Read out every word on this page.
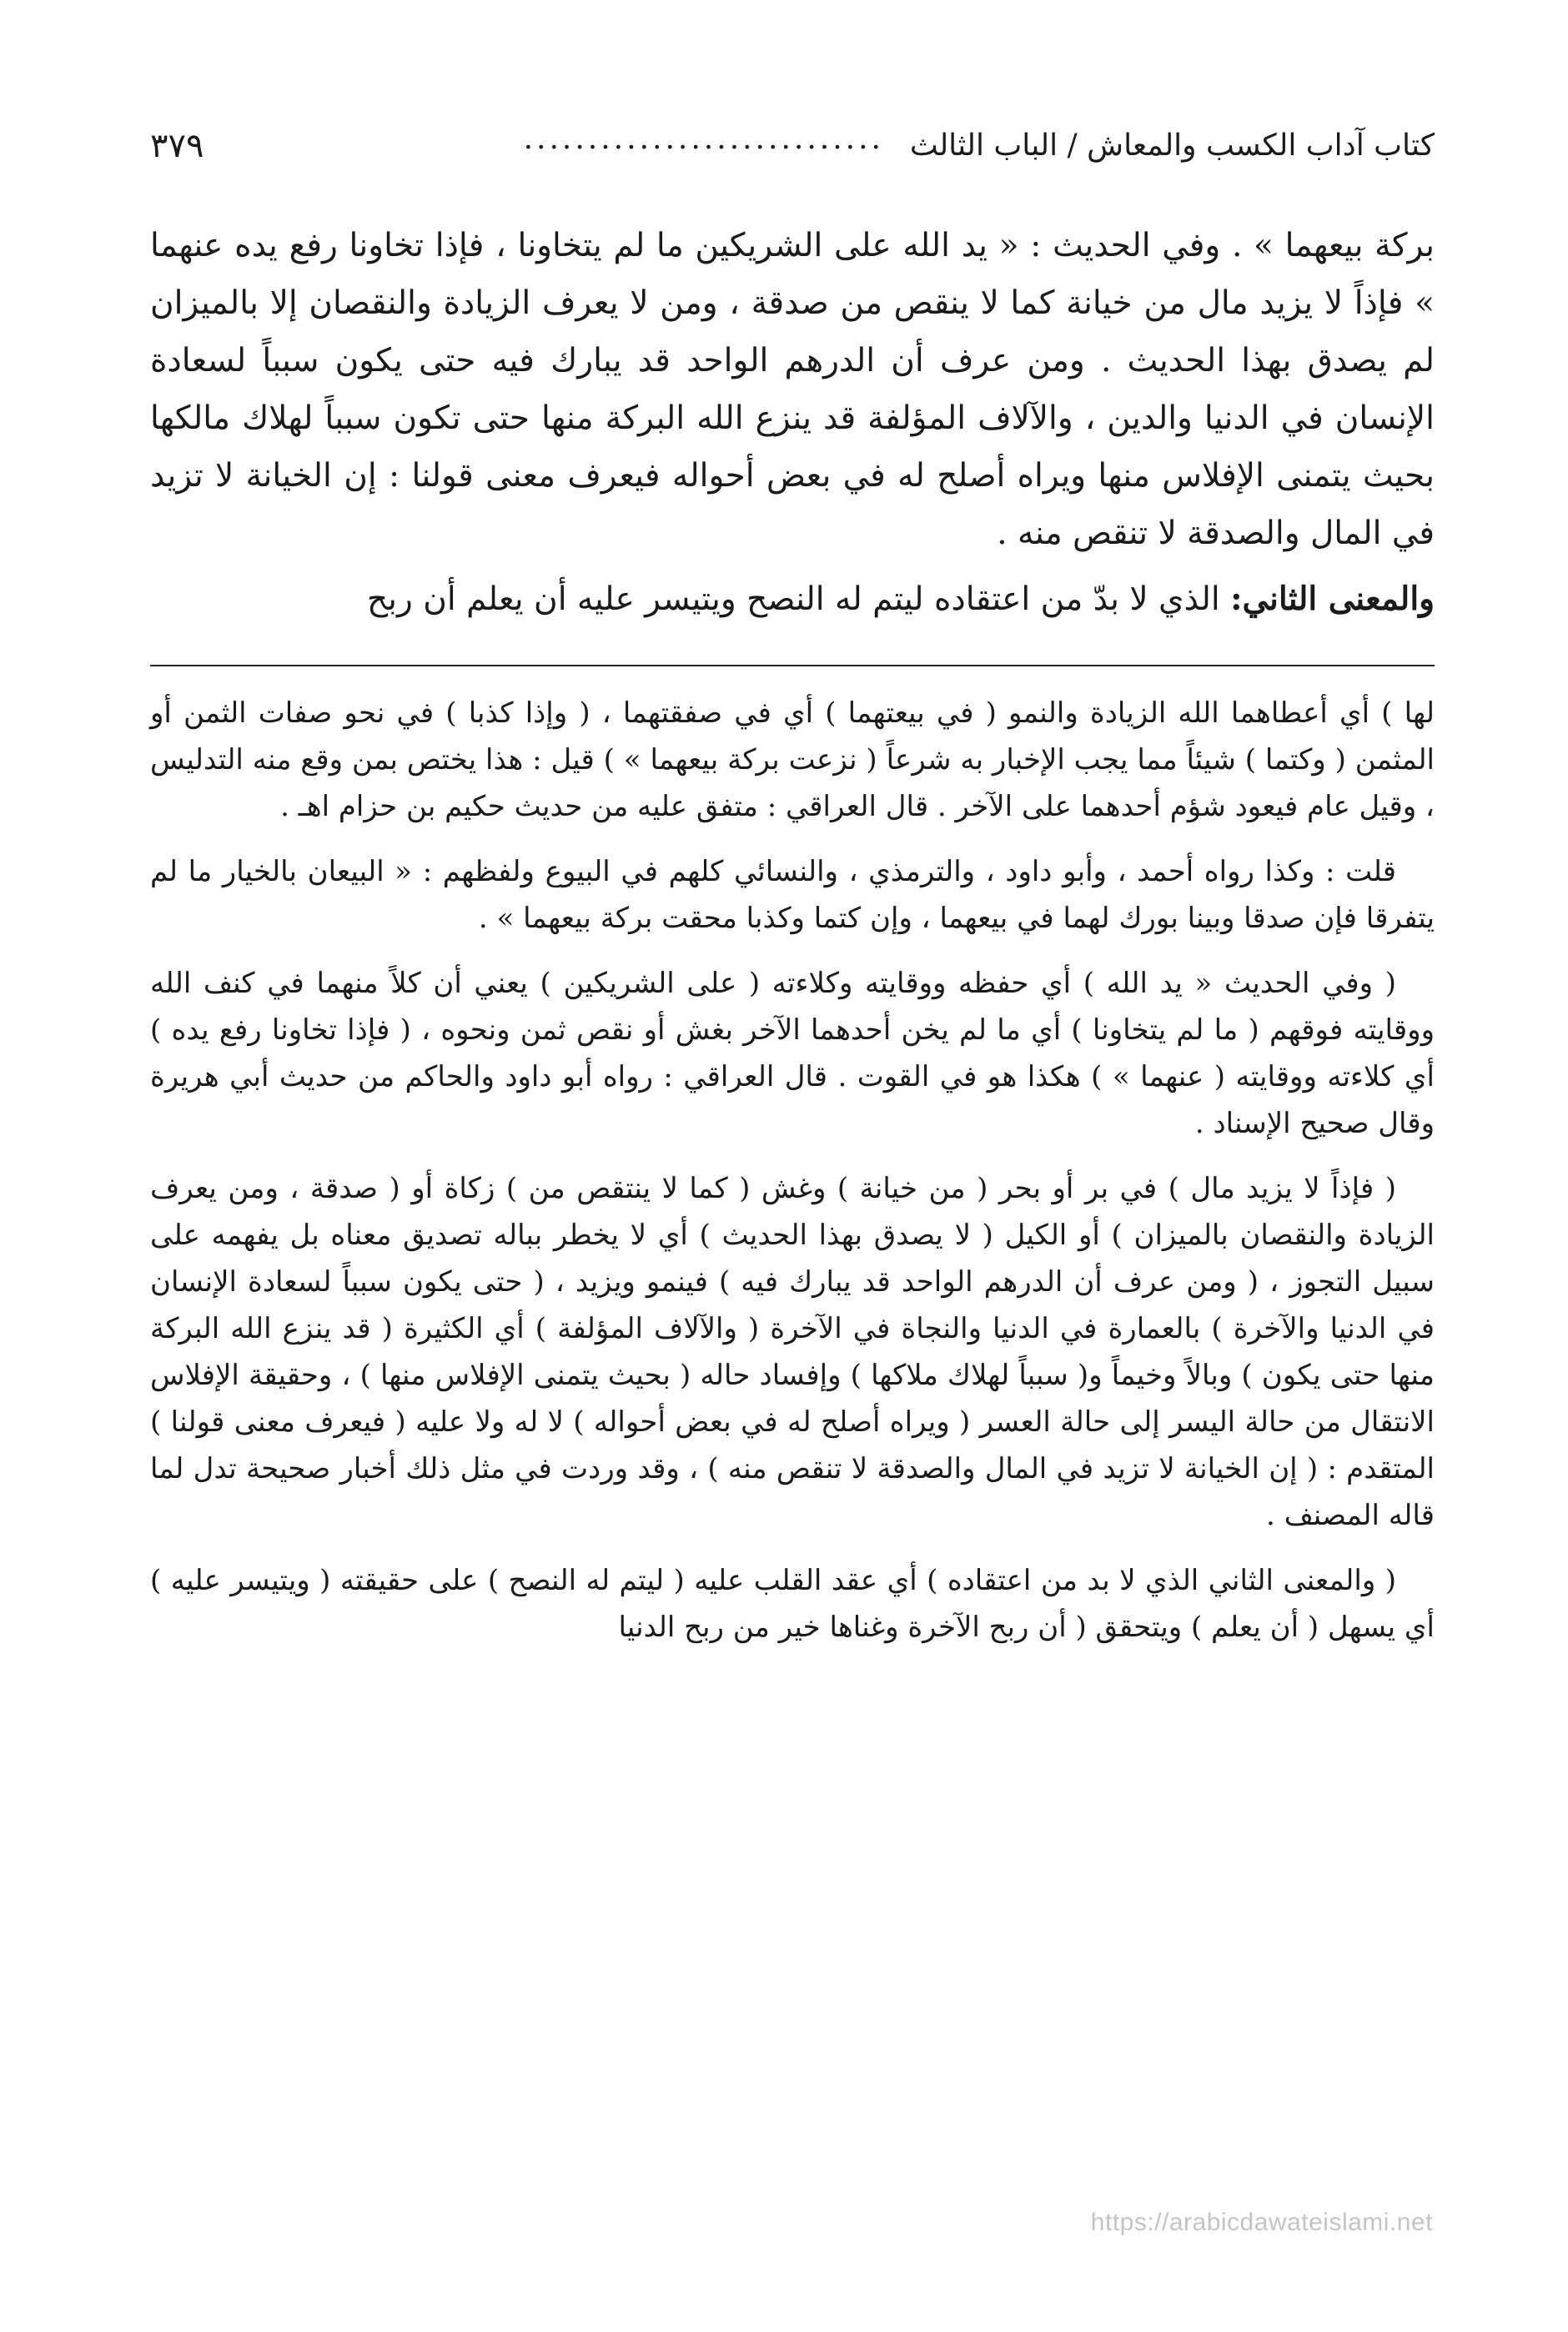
كتاب آداب الكسب والمعاش / الباب الثالث
............................
٣٧٩

بركة بيعهما » . وفي الحديث : « يد الله على الشريكين ما لم يتخاونا ، فإذا تخاونا رفع يده عنهما » فإذاً لا يزيد مال من خيانة كما لا ينقص من صدقة ، ومن لا يعرف الزيادة والنقصان إلا بالميزان لم يصدق بهذا الحديث . ومن عرف أن الدرهم الواحد قد يبارك فيه حتى يكون سبباً لسعادة الإنسان في الدنيا والدين ، والآلاف المؤلفة قد ينزع الله البركة منها حتى تكون سبباً لهلاك مالكها بحيث يتمنى الإفلاس منها ويراه أصلح له في بعض أحواله فيعرف معنى قولنا : إن الخيانة لا تزيد في المال والصدقة لا تنقص منه .

والمعنى الثاني: الذي لا بدّ من اعتقاده ليتم له النصح ويتيسر عليه أن يعلم أن ربح

لها ) أي أعطاهما الله الزيادة والنمو ( في بيعتهما ) أي في صفقتهما ، ( وإذا كذبا ) في نحو صفات الثمن أو المثمن ( وكتما ) شيئاً مما يجب الإخبار به شرعاً ( نزعت بركة بيعهما » ) قيل : هذا يختص بمن وقع منه التدليس ، وقيل عام فيعود شؤم أحدهما على الآخر . قال العراقي : متفق عليه من حديث حكيم بن حزام اهـ .

قلت : وكذا رواه أحمد ، وأبو داود ، والترمذي ، والنسائي كلهم في البيوع ولفظهم : « البيعان بالخيار ما لم يتفرقا فإن صدقا وبينا بورك لهما في بيعهما ، وإن كتما وكذبا محقت بركة بيعهما » .

( وفي الحديث « يد الله ) أي حفظه ووقايته وكلاءته ( على الشريكين ) يعني أن كلاً منهما في كنف الله ووقايته فوقهم ( ما لم يتخاونا ) أي ما لم يخن أحدهما الآخر بغش أو نقص ثمن ونحوه ، ( فإذا تخاونا رفع يده ) أي كلاءته ووقايته ( عنهما » ) هكذا هو في القوت . قال العراقي : رواه أبو داود والحاكم من حديث أبي هريرة وقال صحيح الإسناد .

( فإذاً لا يزيد مال ) في بر أو بحر ( من خيانة ) وغش ( كما لا ينتقص من ) زكاة أو ( صدقة ، ومن يعرف الزيادة والنقصان بالميزان ) أو الكيل ( لا يصدق بهذا الحديث ) أي لا يخطر بباله تصديق معناه بل يفهمه على سبيل التجوز ، ( ومن عرف أن الدرهم الواحد قد يبارك فيه ) فينمو ويزيد ، ( حتى يكون سبباً لسعادة الإنسان في الدنيا والآخرة ) بالعمارة في الدنيا والنجاة في الآخرة ( والآلاف المؤلفة ) أي الكثيرة ( قد ينزع الله البركة منها حتى يكون ) وبالاً وخيماً و( سبباً لهلاك ملاكها ) وإفساد حاله ( بحيث يتمنى الإفلاس منها ) ، وحقيقة الإفلاس الانتقال من حالة اليسر إلى حالة العسر ( ويراه أصلح له في بعض أحواله ) لا له ولا عليه ( فيعرف معنى قولنا ) المتقدم : ( إن الخيانة لا تزيد في المال والصدقة لا تنقص منه ) ، وقد وردت في مثل ذلك أخبار صحيحة تدل لما قاله المصنف .

( والمعنى الثاني الذي لا بد من اعتقاده ) أي عقد القلب عليه ( ليتم له النصح ) على حقيقته ( ويتيسر عليه ) أي يسهل ( أن يعلم ) ويتحقق ( أن ربح الآخرة وغناها خير من ربح الدنيا

https://arabicdawateislami.net
